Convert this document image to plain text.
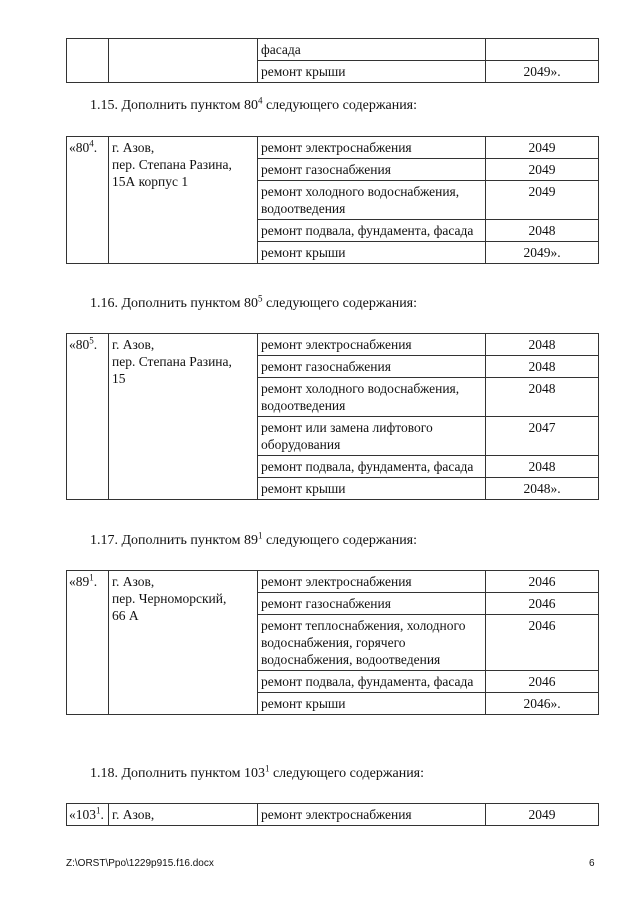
		фасада	
		ремонт крыши	2049».
1.15. Дополнить пунктом $80^4$ следующего содержания:
«$80^4$.	г. Азов,
пер. Степана Разина,
15А корпус 1	ремонт электроснабжения	2049
		ремонт газоснабжения	2049
		ремонт холодного водоснабжения, водоотведения	2049
		ремонт подвала, фундамента, фасада	2048
		ремонт крыши	2049».
1.16. Дополнить пунктом $80^5$ следующего содержания:
«$80^5$.	г. Азов,
пер. Степана Разина,
15	ремонт электроснабжения	2048
		ремонт газоснабжения	2048
		ремонт холодного водоснабжения, водоотведения	2048
		ремонт или замена лифтового оборудования	2047
		ремонт подвала, фундамента, фасада	2048
		ремонт крыши	2048».
1.17. Дополнить пунктом $89^1$ следующего содержания:
«$89^1$.	г. Азов,
пер. Черноморский,
66 А	ремонт электроснабжения	2046
		ремонт газоснабжения	2046
		ремонт теплоснабжения, холодного водоснабжения, горячего водоснабжения, водоотведения	2046
		ремонт подвала, фундамента, фасада	2046
		ремонт крыши	2046».
1.18. Дополнить пунктом $103^1$ следующего содержания:
«$103^1$.	г. Азов,	ремонт электроснабжения	2049
Z:\ORST\Ppo\1229p915.f16.docx	6
